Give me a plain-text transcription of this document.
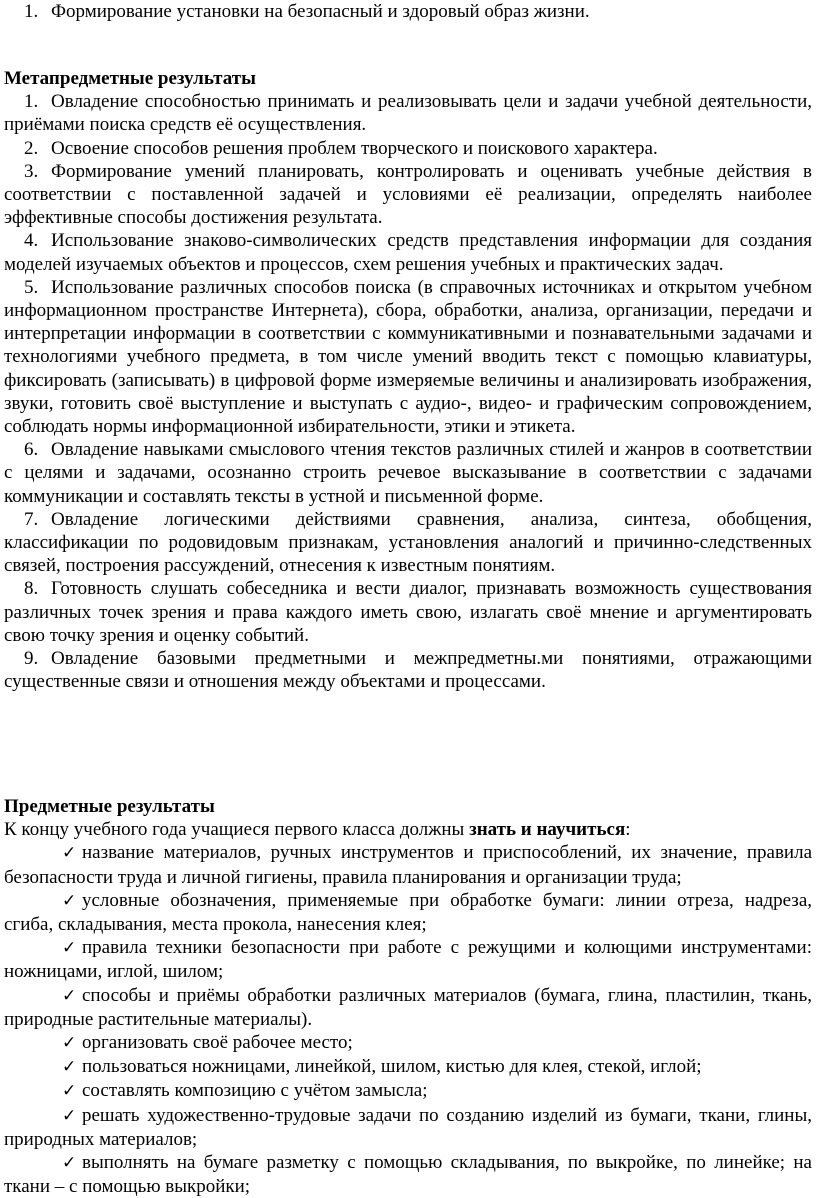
1. Формирование установки на безопасный и здоровый образ жизни.

Метапредметные результаты

1. Овладение способностью принимать и реализовывать цели и задачи учебной деятельности, приёмами поиска средств её осуществления.

2. Освоение способов решения проблем творческого и поискового характера.

3. Формирование умений планировать, контролировать и оценивать учебные действия в соответствии с поставленной задачей и условиями её реализации, определять наиболее эффективные способы достижения результата.

4. Использование знаково-символических средств представления информации для создания моделей изучаемых объектов и процессов, схем решения учебных и практических задач.

5. Использование различных способов поиска (в справочных источниках и открытом учебном информационном пространстве Интернета), сбора, обработки, анализа, организации, передачи и интерпретации информации в соответствии с коммуникативными и познавательными задачами и технологиями учебного предмета, в том числе умений вводить текст с помощью клавиатуры, фиксировать (записывать) в цифровой форме измеряемые величины и анализировать изображения, звуки, готовить своё выступление и выступать с аудио-, видео- и графическим сопровождением, соблюдать нормы информационной избирательности, этики и этикета.

6. Овладение навыками смыслового чтения текстов различных стилей и жанров в соответствии с целями и задачами, осознанно строить речевое высказывание в соответствии с задачами коммуникации и составлять тексты в устной и письменной форме.

7. Овладение логическими действиями сравнения, анализа, синтеза, обобщения, классификации по родовидовым признакам, установления аналогий и причинно-следственных связей, построения рассуждений, отнесения к известным понятиям.

8. Готовность слушать собеседника и вести диалог, признавать возможность существования различных точек зрения и права каждого иметь свою, излагать своё мнение и аргументировать свою точку зрения и оценку событий.

9. Овладение базовыми предметными и межпредметны.ми понятиями, отражающими существенные связи и отношения между объектами и процессами.

Предметные результаты

К концу учебного года учащиеся первого класса должны знать и научиться:

✓ название материалов, ручных инструментов и приспособлений, их значение, правила безопасности труда и личной гигиены, правила планирования и организации труда;

✓ условные обозначения, применяемые при обработке бумаги: линии отреза, надреза, сгиба, складывания, места прокола, нанесения клея;

✓ правила техники безопасности при работе с режущими и колющими инструментами: ножницами, иглой, шилом;

✓ способы и приёмы обработки различных материалов (бумага, глина, пластилин, ткань, природные растительные материалы).

✓ организовать своё рабочее место;

✓ пользоваться ножницами, линейкой, шилом, кистью для клея, стекой, иглой;

✓ составлять композицию с учётом замысла;

✓ решать художественно-трудовые задачи по созданию изделий из бумаги, ткани, глины, природных материалов;

✓ выполнять на бумаге разметку с помощью складывания, по выкройке, по линейке; на ткани – с помощью выкройки;
